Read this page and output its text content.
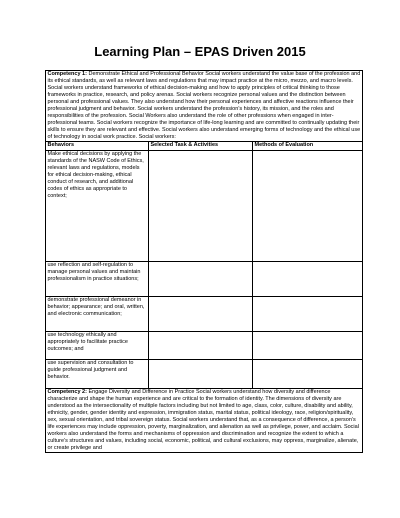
Learning Plan – EPAS Driven 2015
Competency 1: Demonstrate Ethical and Professional Behavior Social workers understand the value base of the profession and its ethical standards, as well as relevant laws and regulations that may impact practice at the micro, mezzo, and macro levels. Social workers understand frameworks of ethical decision-making and how to apply principles of critical thinking to those frameworks in practice, research, and policy arenas. Social workers recognize personal values and the distinction between personal and professional values. They also understand how their personal experiences and affective reactions influence their professional judgment and behavior. Social workers understand the profession’s history, its mission, and the roles and responsibilities of the profession. Social Workers also understand the role of other professions when engaged in inter-professional teams. Social workers recognize the importance of life-long learning and are committed to continually updating their skills to ensure they are relevant and effective. Social workers also understand emerging forms of technology and the ethical use of technology in social work practice. Social workers:		
Behaviors	Selected Task & Activities	Methods of Evaluation
Make ethical decisions by applying the standards of the NASW Code of Ethics, relevant laws and regulations, models for ethical decision-making, ethical conduct of research, and additional codes of ethics as appropriate to context;		
use reflection and self-regulation to manage personal values and maintain professionalism in practice situations;		
demonstrate professional demeanor in behavior; appearance; and oral, written, and electronic communication;		
use technology ethically and appropriately to facilitate practice outcomes; and		
use supervision and consultation to guide professional judgment and behavior.		
Competency 2: Engage Diversity and Difference in Practice Social workers understand how diversity and difference characterize and shape the human experience and are critical to the formation of identity. The dimensions of diversity are understood as the intersectionality of multiple factors including but not limited to age, class, color, culture, disability and ability, ethnicity, gender, gender identity and expression, immigration status, marital status, political ideology, race, religion/spirituality, sex, sexual orientation, and tribal sovereign status. Social workers understand that, as a consequence of difference, a person’s life experiences may include oppression, poverty, marginalization, and alienation as well as privilege, power, and acclaim. Social workers also understand the forms and mechanisms of oppression and discrimination and recognize the extent to which a culture’s structures and values, including social, economic, political, and cultural exclusions, may oppress, marginalize, alienate, or create privilege and		
